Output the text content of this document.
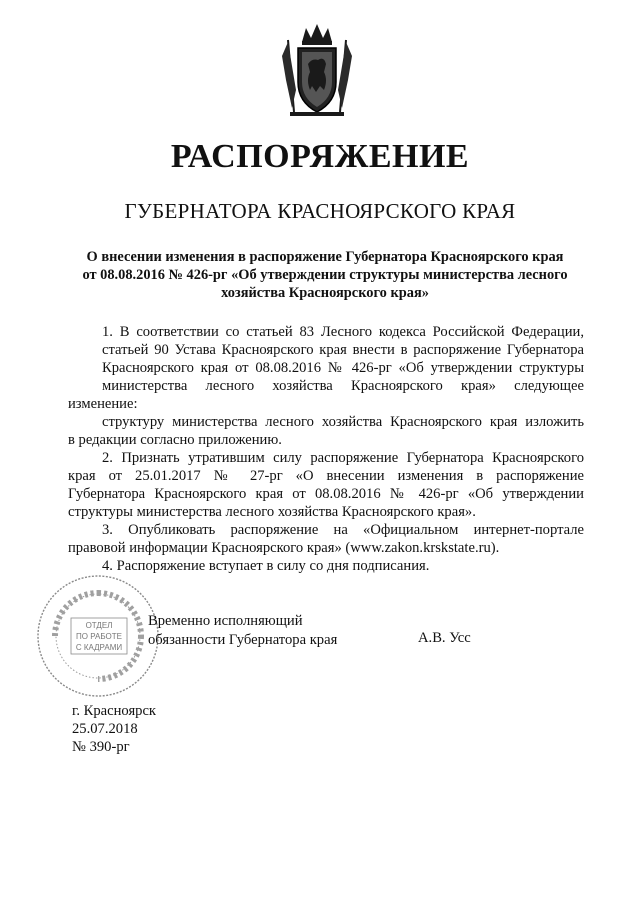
РАСПОРЯЖЕНИЕ
ГУБЕРНАТОРА КРАСНОЯРСКОГО КРАЯ
О внесении изменения в распоряжение Губернатора Красноярского края
от 08.08.2016 № 426-рг «Об утверждении структуры министерства лесного
хозяйства Красноярского края»

1. В соответствии со статьей 83 Лесного кодекса Российской Федерации,
статьей 90 Устава Красноярского края внести в распоряжение Губернатора
Красноярского края от 08.08.2016 № 426-рг «Об утверждении структуры
министерства лесного хозяйства Красноярского края» следующее изменение:

структуру министерства лесного хозяйства Красноярского края изложить

в редакции согласно приложению.

2. Признать утратившим силу распоряжение Губернатора Красноярского

края от 25.01.2017 № 27-рг «О внесении изменения в распоряжение
Губернатора Красноярского края от 08.08.2016 № 426-рг «Об утверждении
структуры министерства лесного хозяйства Красноярского края».

3. Опубликовать распоряжение на «Официальном интернет-портале

правовой информации Красноярского края» (www.zakon.krskstate.ru).

4. Распоряжение вступает в силу со дня подписания.

ОТДЕЛ
ПО РАБОТЕ
С КАДРАМИ
Временно исполняющий
обязанности Губернатора края	А.В. Усс
г. Красноярск
25.07.2018
№ 390-рг
